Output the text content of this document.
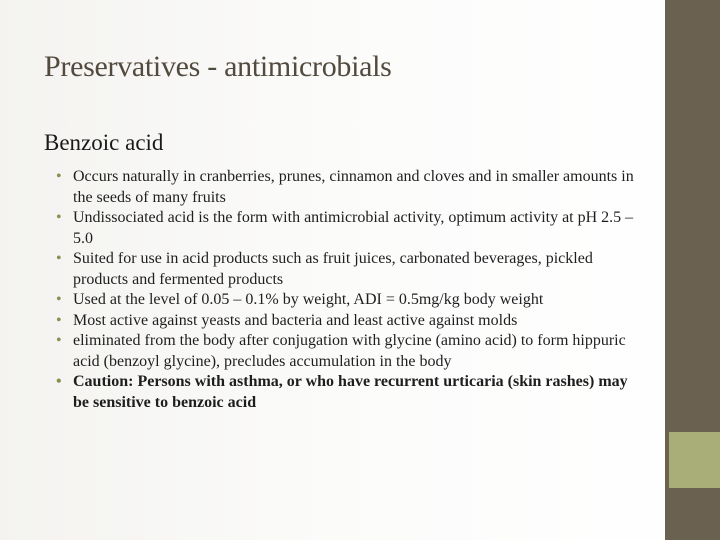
Preservatives - antimicrobials
Benzoic acid
• Occurs naturally in cranberries, prunes, cinnamon and cloves and in smaller amounts in the seeds of many fruits
• Undissociated acid is the form with antimicrobial activity, optimum activity at pH 2.5 – 5.0
• Suited for use in acid products such as fruit juices, carbonated beverages, pickled products and fermented products
• Used at the level of 0.05 – 0.1% by weight, ADI = 0.5mg/kg body weight
• Most active against yeasts and bacteria and least active against molds
• eliminated from the body after conjugation with glycine (amino acid) to form hippuric acid (benzoyl glycine), precludes accumulation in the body
• Caution: Persons with asthma, or who have recurrent urticaria (skin rashes) may be sensitive to benzoic acid
